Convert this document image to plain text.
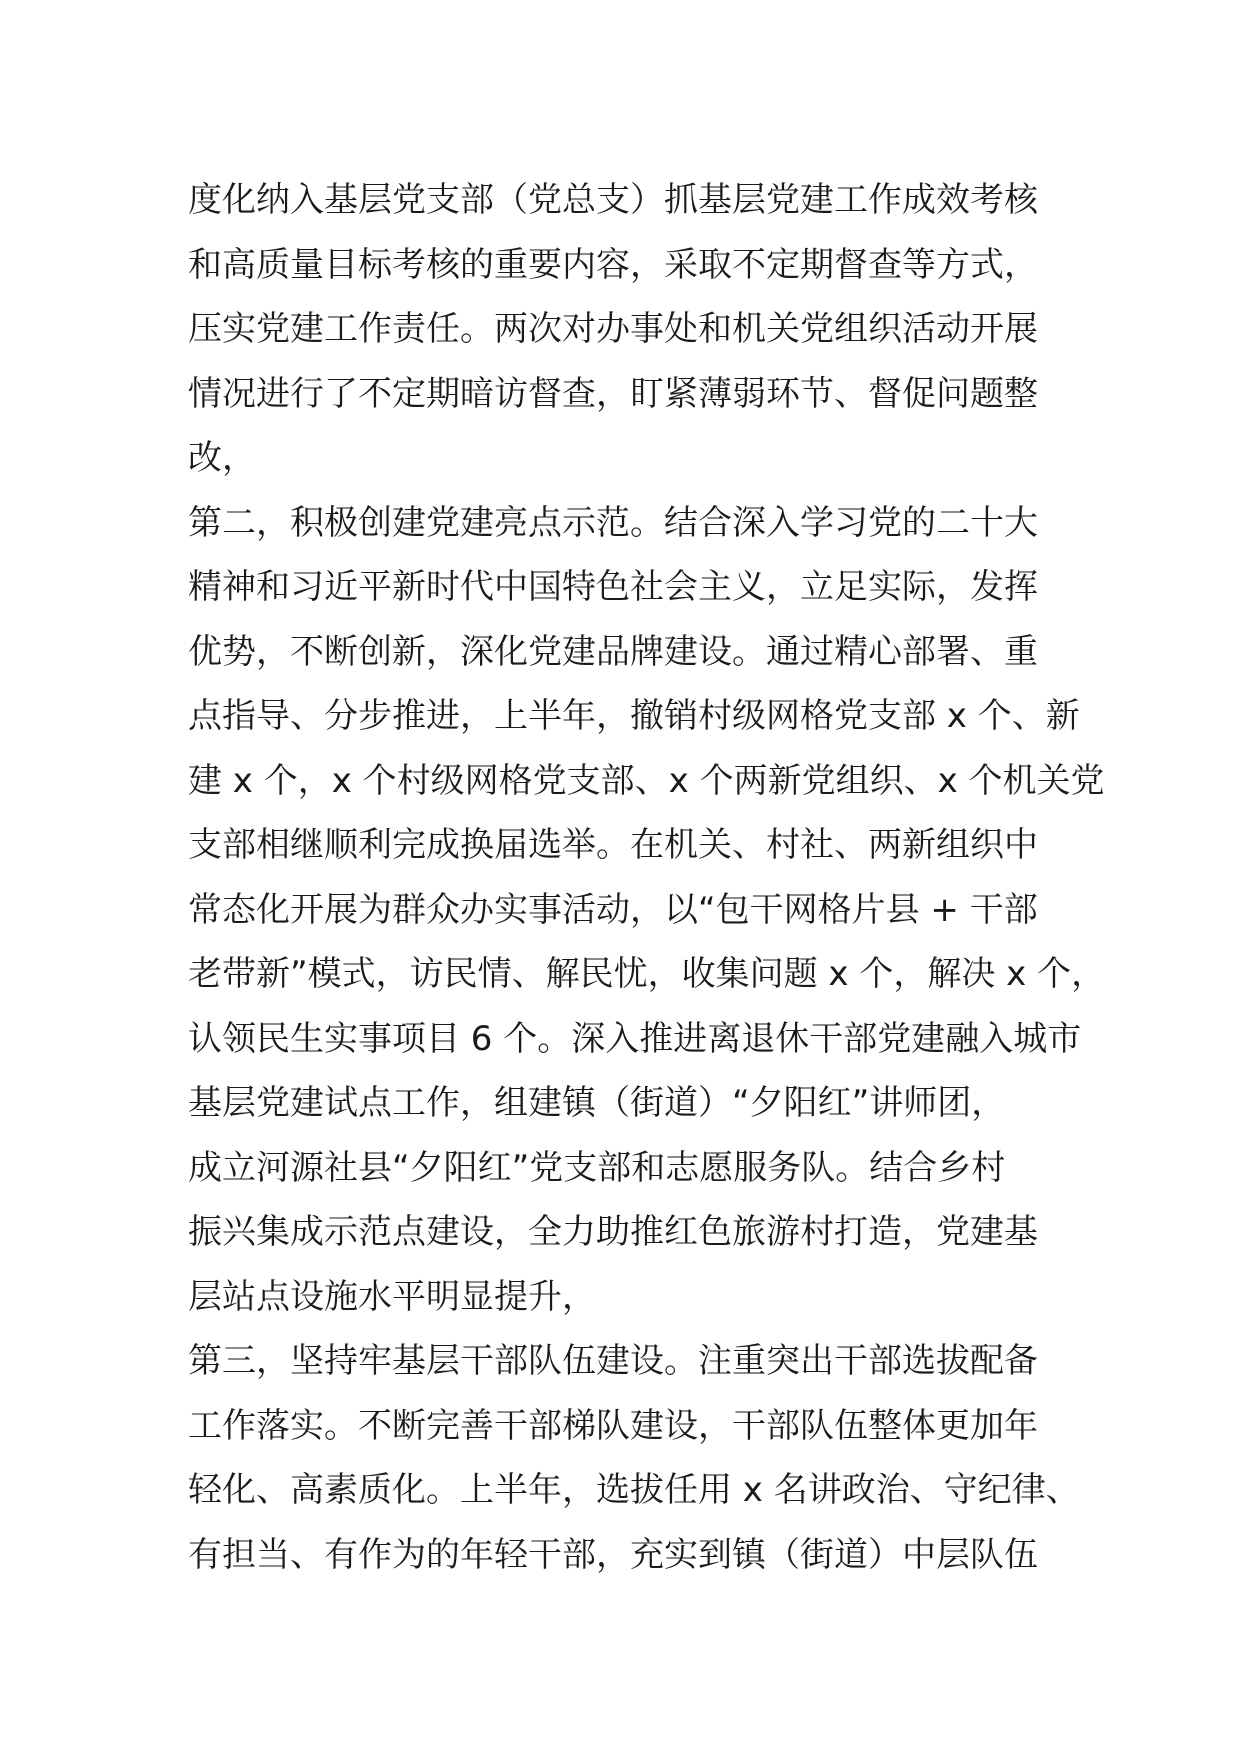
度化纳入基层党支部（党总支）抓基层党建工作成效考核
和高质量目标考核的重要内容，采取不定期督查等方式，
压实党建工作责任。两次对办事处和机关党组织活动开展
情况进行了不定期暗访督查，盯紧薄弱环节、督促问题整
改，
第二，积极创建党建亮点示范。结合深入学习党的二十大
精神和习近平新时代中国特色社会主义，立足实际，发挥
优势，不断创新，深化党建品牌建设。通过精心部署、重
点指导、分步推进，上半年，撤销村级网格党支部 x 个、新
建 x 个，x 个村级网格党支部、x 个两新党组织、x 个机关党
支部相继顺利完成换届选举。在机关、村社、两新组织中
常态化开展为群众办实事活动，以“包干网格片县 + 干部
老带新”模式，访民情、解民忧，收集问题 x 个，解决 x 个，
认领民生实事项目 6 个。深入推进离退休干部党建融入城市
基层党建试点工作，组建镇（街道）“夕阳红”讲师团，
成立河源社县“夕阳红”党支部和志愿服务队。结合乡村
振兴集成示范点建设，全力助推红色旅游村打造，党建基
层站点设施水平明显提升，
第三，坚持牢基层干部队伍建设。注重突出干部选拔配备
工作落实。不断完善干部梯队建设，干部队伍整体更加年
轻化、高素质化。上半年，选拔任用 x 名讲政治、守纪律、
有担当、有作为的年轻干部，充实到镇（街道）中层队伍
